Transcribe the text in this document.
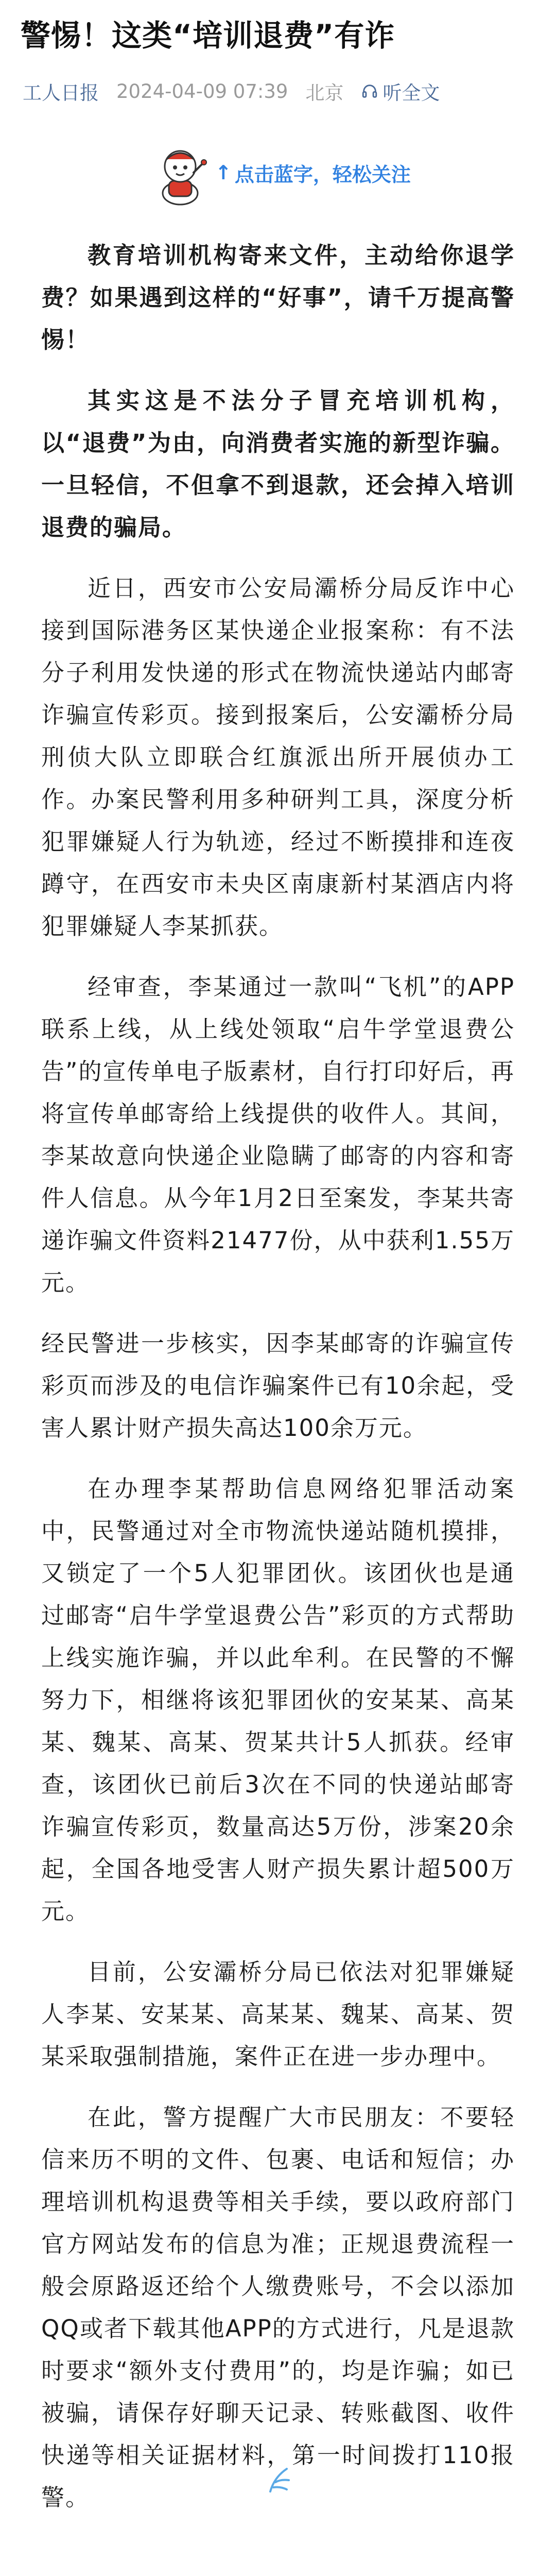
警惕！这类“培训退费”有诈
工人日报 2024-04-09 07:39 北京 听全文
↑ 点击蓝字，轻松关注

教育培训机构寄来文件，主动给你退学费？如果遇到这样的“好事”，请千万提高警惕！

其实这是不法分子冒充培训机构，以“退费”为由，向消费者实施的新型诈骗。一旦轻信，不但拿不到退款，还会掉入培训退费的骗局。

近日，西安市公安局灞桥分局反诈中心接到国际港务区某快递企业报案称：有不法分子利用发快递的形式在物流快递站内邮寄诈骗宣传彩页。接到报案后，公安灞桥分局刑侦大队立即联合红旗派出所开展侦办工作。办案民警利用多种研判工具，深度分析犯罪嫌疑人行为轨迹，经过不断摸排和连夜蹲守，在西安市未央区南康新村某酒店内将犯罪嫌疑人李某抓获。

经审查，李某通过一款叫“飞机”的APP联系上线，从上线处领取“启牛学堂退费公告”的宣传单电子版素材，自行打印好后，再将宣传单邮寄给上线提供的收件人。其间，李某故意向快递企业隐瞒了邮寄的内容和寄件人信息。从今年1月2日至案发，李某共寄递诈骗文件资料21477份，从中获利1.55万元。

经民警进一步核实，因李某邮寄的诈骗宣传彩页而涉及的电信诈骗案件已有10余起，受害人累计财产损失高达100余万元。

在办理李某帮助信息网络犯罪活动案中，民警通过对全市物流快递站随机摸排，又锁定了一个5人犯罪团伙。该团伙也是通过邮寄“启牛学堂退费公告”彩页的方式帮助上线实施诈骗，并以此牟利。在民警的不懈努力下，相继将该犯罪团伙的安某某、高某某、魏某、高某、贺某共计5人抓获。经审查，该团伙已前后3次在不同的快递站邮寄诈骗宣传彩页，数量高达5万份，涉案20余起，全国各地受害人财产损失累计超500万元。

目前，公安灞桥分局已依法对犯罪嫌疑人李某、安某某、高某某、魏某、高某、贺某采取强制措施，案件正在进一步办理中。

在此，警方提醒广大市民朋友：不要轻信来历不明的文件、包裹、电话和短信；办理培训机构退费等相关手续，要以政府部门官方网站发布的信息为准；正规退费流程一般会原路返还给个人缴费账号，不会以添加QQ或者下载其他APP的方式进行，凡是退款时要求“额外支付费用”的，均是诈骗；如已被骗，请保存好聊天记录、转账截图、收件快递等相关证据材料，第一时间拨打110报警。
